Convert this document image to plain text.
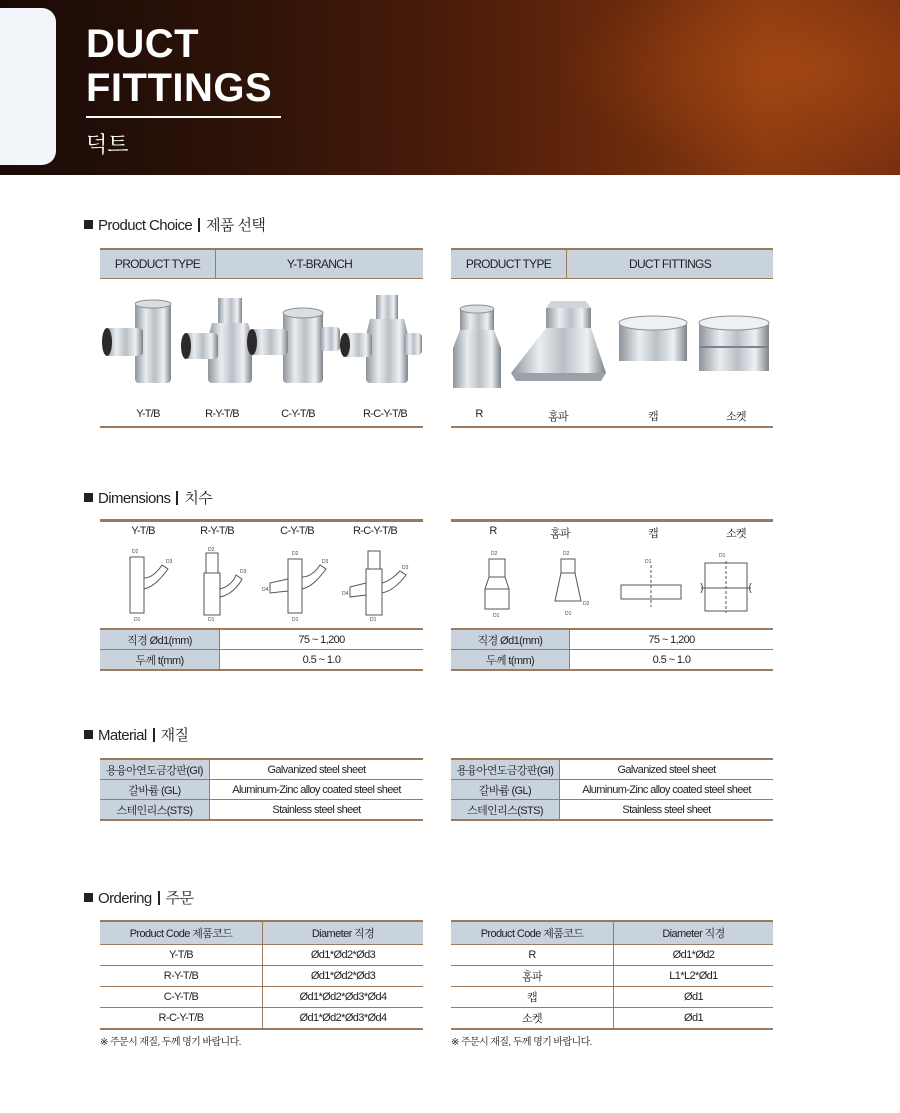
DUCT
FITTINGS
덕트
Product Choice 제품 선택
PRODUCT TYPE	Y-T-BRANCH
Y-T/B	R-Y-T/B	C-Y-T/B	R-C-Y-T/B
PRODUCT TYPE	DUCT FITTINGS
R	홈파	캡	소켓
Dimensions 치수
Y-T/B	R-Y-T/B	C-Y-T/B	R-C-Y-T/B
D2
D3
D1
D2
D3
D1
D2
D3
D4
D1
D3
D4
D1
직경 Ød1(mm)	75 ~ 1,200
두께 t(mm)	0.5 ~ 1.0
R	홈파	캡	소켓
D2
D1
D2
D2
D1
D1
D1
직경 Ød1(mm)	75 ~ 1,200
두께 t(mm)	0.5 ~ 1.0
Material 재질
용융아연도금강판(GI)	Galvanized steel sheet
갈바륨 (GL)	Aluminum-Zinc alloy coated steel sheet
스테인리스(STS)	Stainless steel sheet
용융아연도금강판(GI)	Galvanized steel sheet
갈바륨 (GL)	Aluminum-Zinc alloy coated steel sheet
스테인리스(STS)	Stainless steel sheet
Ordering 주문
Product Code 제품코드	Diameter 직경
Y-T/B	Ød1*Ød2*Ød3
R-Y-T/B	Ød1*Ød2*Ød3
C-Y-T/B	Ød1*Ød2*Ød3*Ød4
R-C-Y-T/B	Ød1*Ød2*Ød3*Ød4
※ 주문시 재질, 두께 명기 바랍니다.
Product Code 제품코드	Diameter 직경
R	Ød1*Ød2
홈파	L1*L2*Ød1
캡	Ød1
소켓	Ød1
※ 주문시 재질, 두께 명기 바랍니다.
